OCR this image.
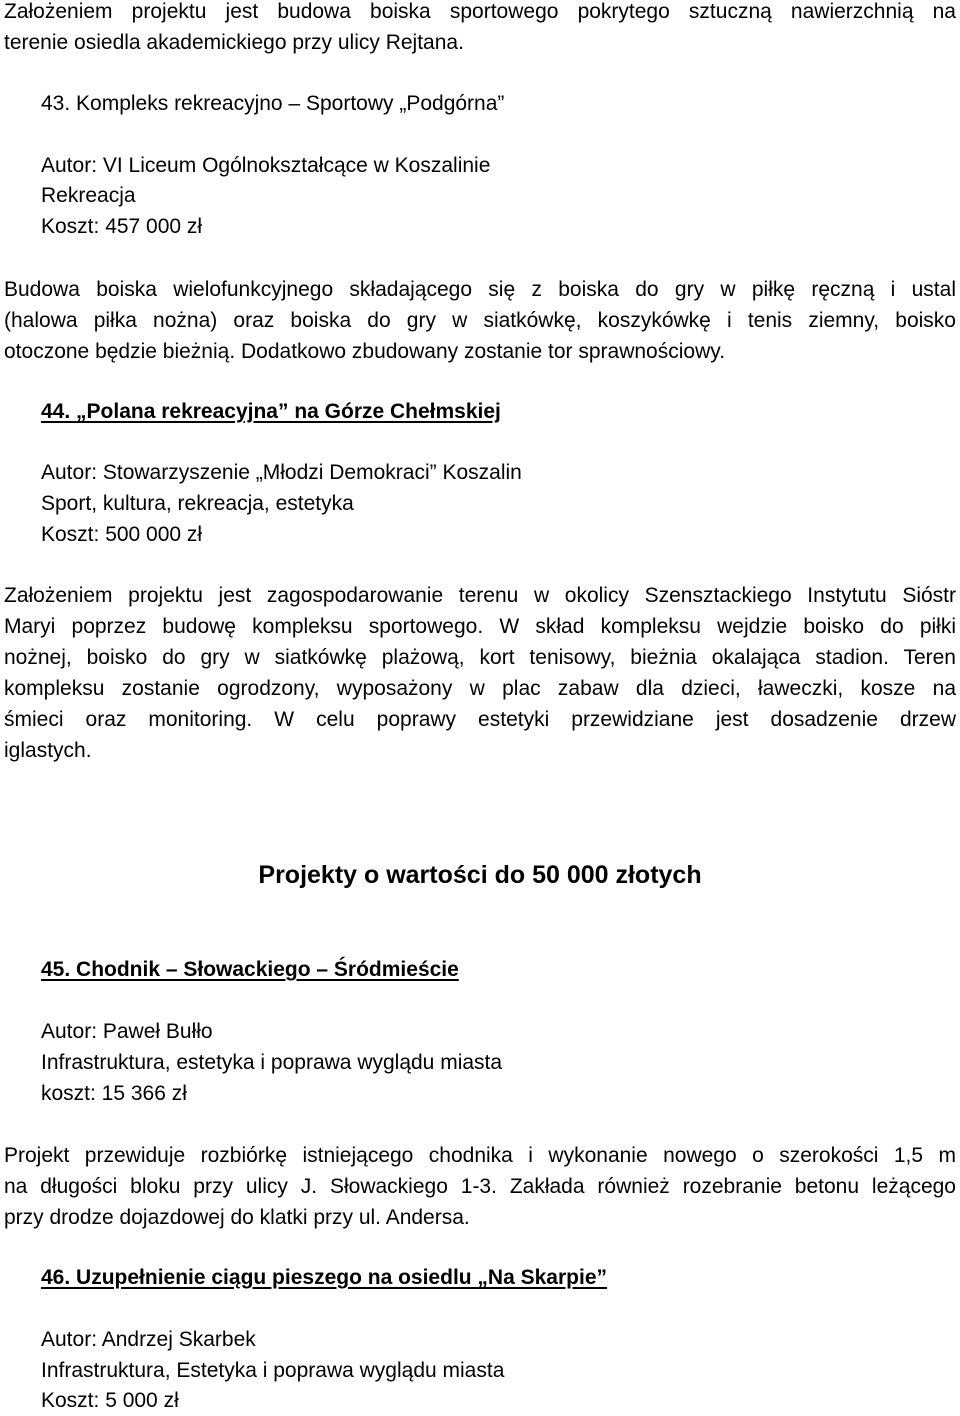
Założeniem projektu jest budowa boiska sportowego pokrytego sztuczną nawierzchnią na
terenie osiedla akademickiego przy ulicy Rejtana.
43. Kompleks rekreacyjno – Sportowy „Podgórna”
Autor: VI Liceum Ogólnokształcące w Koszalinie
Rekreacja
Koszt: 457 000 zł
Budowa boiska wielofunkcyjnego składającego się z boiska do gry w piłkę ręczną i ustal
(halowa piłka nożna) oraz boiska do gry w siatkówkę, koszykówkę i tenis ziemny, boisko
otoczone będzie bieżnią. Dodatkowo zbudowany zostanie tor sprawnościowy.
44. „Polana rekreacyjna” na Górze Chełmskiej
Autor: Stowarzyszenie „Młodzi Demokraci” Koszalin
Sport, kultura, rekreacja, estetyka
Koszt: 500 000 zł
Założeniem projektu jest zagospodarowanie terenu w okolicy Szensztackiego Instytutu Sióstr
Maryi poprzez budowę kompleksu sportowego. W skład kompleksu wejdzie boisko do piłki
nożnej, boisko do gry w siatkówkę plażową, kort tenisowy, bieżnia okalająca stadion. Teren
kompleksu zostanie ogrodzony, wyposażony w plac zabaw dla dzieci, ławeczki, kosze na
śmieci oraz monitoring. W celu poprawy estetyki przewidziane jest dosadzenie drzew
iglastych.
Projekty o wartości do 50 000 złotych
45. Chodnik – Słowackiego – Śródmieście
Autor: Paweł Bułło
Infrastruktura, estetyka i poprawa wyglądu miasta
koszt: 15 366 zł
Projekt przewiduje rozbiórkę istniejącego chodnika i wykonanie nowego o szerokości 1,5 m
na długości bloku przy ulicy J. Słowackiego 1-3. Zakłada również rozebranie betonu leżącego
przy drodze dojazdowej do klatki przy ul. Andersa.
46. Uzupełnienie ciągu pieszego na osiedlu „Na Skarpie”
Autor: Andrzej Skarbek
Infrastruktura, Estetyka i poprawa wyglądu miasta
Koszt: 5 000 zł
